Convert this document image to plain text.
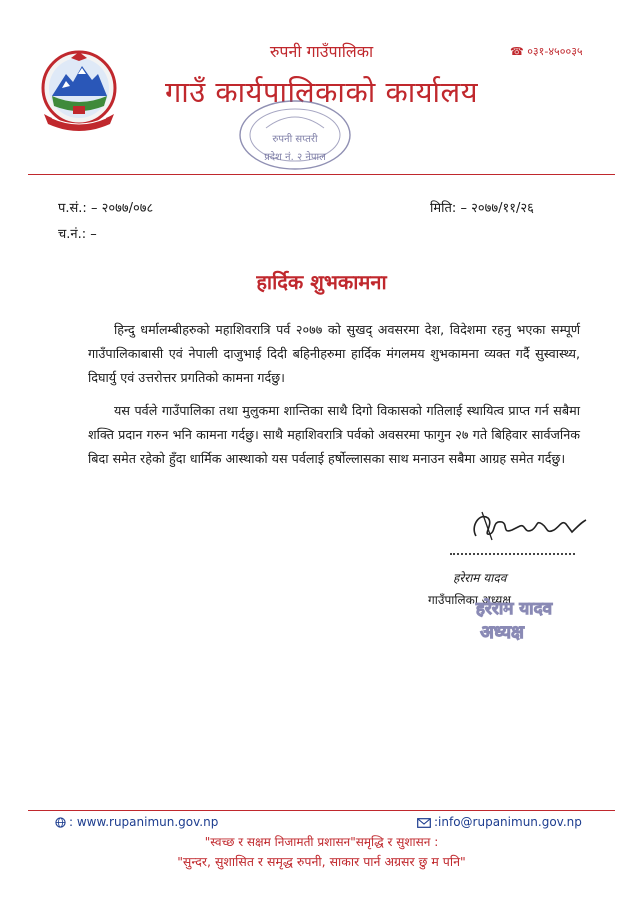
रुपनी गाउँपालिका	☎ ०३१-४५००३५
गाउँ कार्यपालिकाको कार्यालय
रुपनी सप्तरी
प्रदेश नं. २ नेपाल
प.सं.: – २०७७/०७८
च.नं.: –
मिति: – २०७७/११/२६
हार्दिक शुभकामना

हिन्दु धर्मालम्बीहरुको महाशिवरात्रि पर्व २०७७ को सुखद् अवसरमा देश, विदेशमा रहनु भएका सम्पूर्ण गाउँपालिकाबासी एवं नेपाली दाजुभाई दिदी बहिनीहरुमा हार्दिक मंगलमय शुभकामना व्यक्त गर्दै सुस्वास्थ्य, दिघार्यु एवं उत्तरोत्तर प्रगतिको कामना गर्दछु।

यस पर्वले गाउँपालिका तथा मुलुकमा शान्तिका साथै दिगो विकासको गतिलाई स्थायित्व प्राप्त गर्न सबैमा शक्ति प्रदान गरुन भनि कामना गर्दछु। साथै महाशिवरात्रि पर्वको अवसरमा फागुन २७ गते बिहिवार सार्वजनिक बिदा समेत रहेको हुँदा धार्मिक आस्थाको यस पर्वलाई हर्षोल्लासका साथ मनाउन सबैमा आग्रह समेत गर्दछु।

हरेराम यादव
गाउँपालिका अध्यक्ष
हरेराम यादव
अध्यक्ष
: www.rupanimun.gov.np	:info@rupanimun.gov.np
"स्वच्छ र सक्षम निजामती प्रशासन"समृद्धि र सुशासन :
"सुन्दर, सुशासित र समृद्ध रुपनी, साकार पार्न अग्रसर छु म पनि"
